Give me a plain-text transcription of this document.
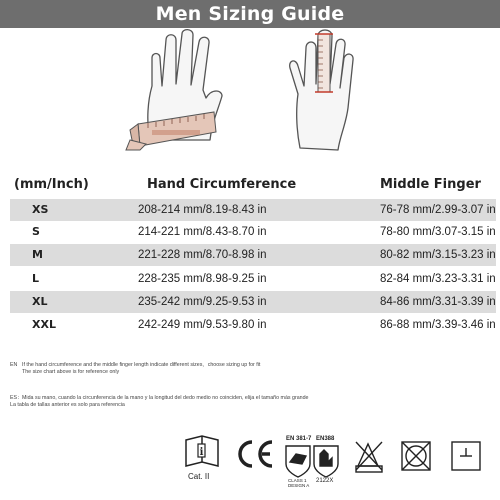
Men Sizing Guide
(mm/Inch)	Hand Circumference	Middle Finger
XS	208-214 mm/8.19-8.43 in	76-78 mm/2.99-3.07 in
S	214-221 mm/8.43-8.70 in	78-80 mm/3.07-3.15 in
M	221-228 mm/8.70-8.98 in	80-82 mm/3.15-3.23 in
L	228-235 mm/8.98-9.25 in	82-84 mm/3.23-3.31 in
XL	235-242 mm/9.25-9.53 in	84-86 mm/3.31-3.39 in
XXL	242-249 mm/9.53-9.80 in	86-88 mm/3.39-3.46 in
EN If the hand circumference and the middle finger length indicate different sizes，choose sizing up for fit
The size chart above is for reference only
ES：Mida su mano, cuando la circunferencia de la mano y la longitud del dedo medio no coinciden, elija el tamaño más grande
La tabla de tallas anterior es solo para referencia
i
Cat. II
EN 381-7
CLASS 1
DESIGN A
EN388
2122X
